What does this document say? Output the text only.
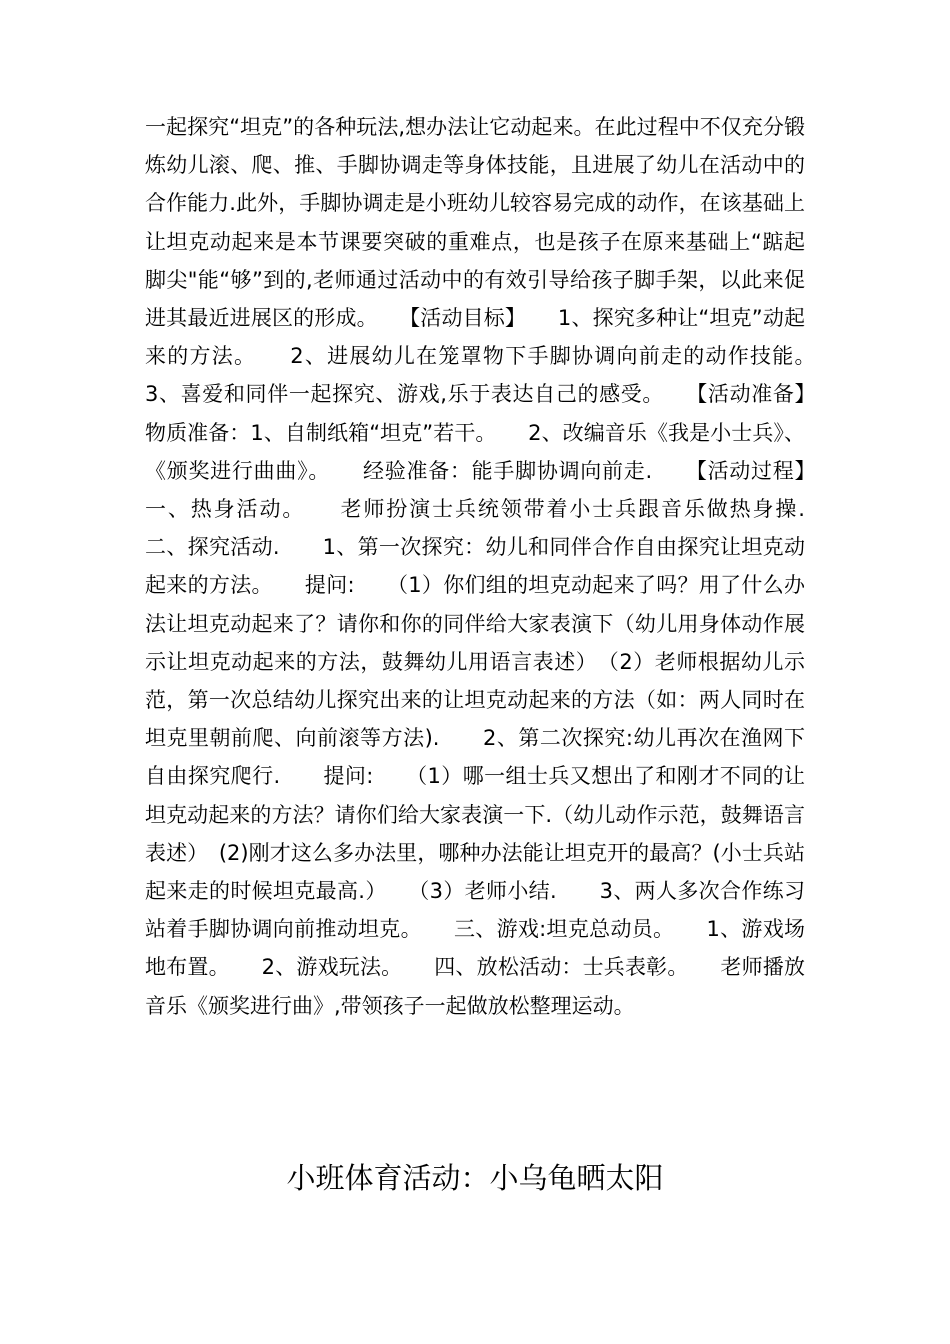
一起探究“坦克”的各种玩法,想办法让它动起来。在此过程中不仅充分锻炼幼儿滚、爬、推、手脚协调走等身体技能，且进展了幼儿在活动中的合作能力.此外，手脚协调走是小班幼儿较容易完成的动作，在该基础上让坦克动起来是本节课要突破的重难点，也是孩子在原来基础上“踮起脚尖"能“够”到的,老师通过活动中的有效引导给孩子脚手架，以此来促进其最近进展区的形成。　　【活动目标】　　1、探究多种让“坦克”动起来的方法。　　2、进展幼儿在笼罩物下手脚协调向前走的动作技能。　　3、喜爱和同伴一起探究、游戏,乐于表达自己的感受。　　【活动准备】　　物质准备：1、自制纸箱“坦克”若干。　　2、改编音乐《我是小士兵》、《颁奖进行曲曲》。　　经验准备：能手脚协调向前走.　　【活动过程】　　一、热身活动。　　老师扮演士兵统领带着小士兵跟音乐做热身操.　　二、探究活动.　　1、第一次探究：幼儿和同伴合作自由探究让坦克动起来的方法。　　提问:　　（1）你们组的坦克动起来了吗？用了什么办法让坦克动起来了？请你和你的同伴给大家表演下（幼儿用身体动作展示让坦克动起来的方法，鼓舞幼儿用语言表述）　（2）老师根据幼儿示范，第一次总结幼儿探究出来的让坦克动起来的方法（如：两人同时在坦克里朝前爬、向前滚等方法).　　2、第二次探究:幼儿再次在渔网下自由探究爬行.　　提问:　　（1）哪一组士兵又想出了和刚才不同的让坦克动起来的方法？请你们给大家表演一下.（幼儿动作示范，鼓舞语言表述）　(2)刚才这么多办法里，哪种办法能让坦克开的最高？(小士兵站起来走的时候坦克最高.）　　（3）老师小结.　　3、两人多次合作练习站着手脚协调向前推动坦克。　　三、游戏:坦克总动员。　　1、游戏场地布置。　　2、游戏玩法。　　四、放松活动：士兵表彰。　　老师播放音乐《颁奖进行曲》,带领孩子一起做放松整理运动。

小班体育活动：小乌龟晒太阳
